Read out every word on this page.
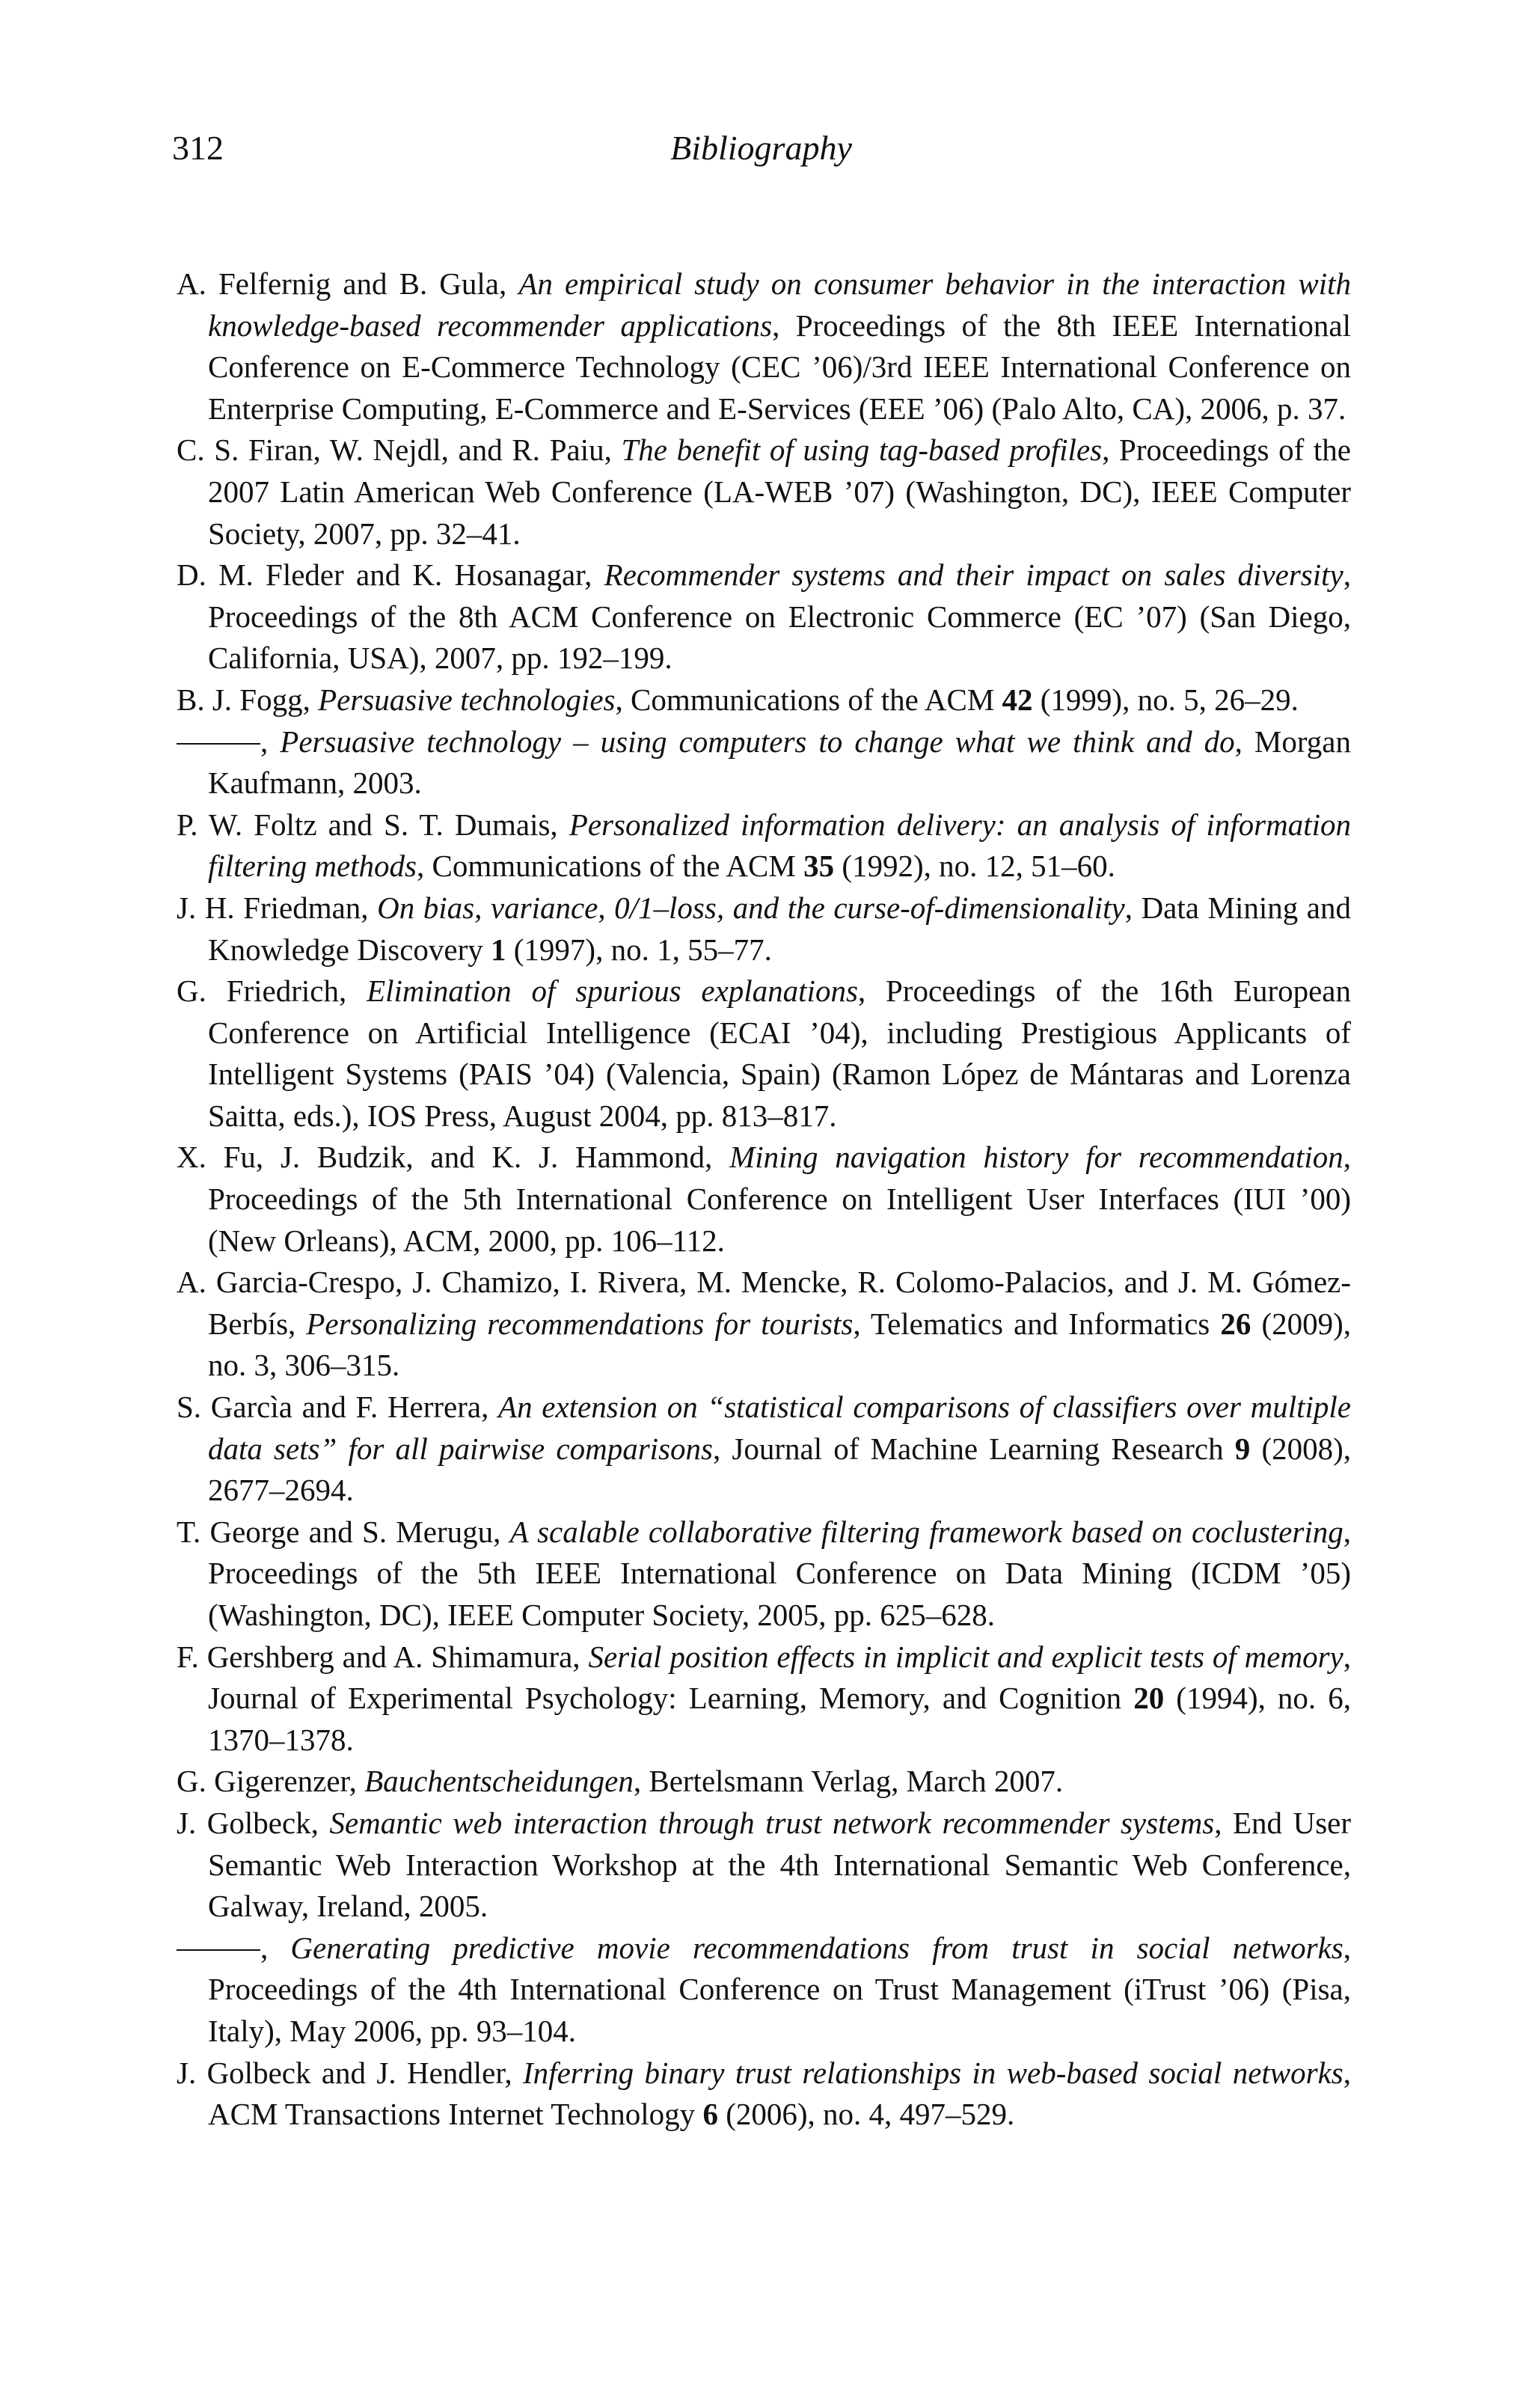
312	Bibliography

A. Felfernig and B. Gula, An empirical study on consumer behavior in the interaction with knowledge-based recommender applications, Proceedings of the 8th IEEE International Conference on E-Commerce Technology (CEC ’06)/3rd IEEE International Conference on Enterprise Computing, E-Commerce and E-Services (EEE ’06) (Palo Alto, CA), 2006, p. 37.

C. S. Firan, W. Nejdl, and R. Paiu, The benefit of using tag-based profiles, Proceedings of the 2007 Latin American Web Conference (LA-WEB ’07) (Washington, DC), IEEE Computer Society, 2007, pp. 32–41.

D. M. Fleder and K. Hosanagar, Recommender systems and their impact on sales diversity, Proceedings of the 8th ACM Conference on Electronic Commerce (EC ’07) (San Diego, California, USA), 2007, pp. 192–199.

B. J. Fogg, Persuasive technologies, Communications of the ACM 42 (1999), no. 5, 26–29.

, Persuasive technology – using computers to change what we think and do, Morgan Kaufmann, 2003.

P. W. Foltz and S. T. Dumais, Personalized information delivery: an analysis of information filtering methods, Communications of the ACM 35 (1992), no. 12, 51–60.

J. H. Friedman, On bias, variance, 0/1–loss, and the curse-of-dimensionality, Data Mining and Knowledge Discovery 1 (1997), no. 1, 55–77.

G. Friedrich, Elimination of spurious explanations, Proceedings of the 16th European Conference on Artificial Intelligence (ECAI ’04), including Prestigious Applicants of Intelligent Systems (PAIS ’04) (Valencia, Spain) (Ramon López de Mántaras and Lorenza Saitta, eds.), IOS Press, August 2004, pp. 813–817.

X. Fu, J. Budzik, and K. J. Hammond, Mining navigation history for recommendation, Proceedings of the 5th International Conference on Intelligent User Interfaces (IUI ’00) (New Orleans), ACM, 2000, pp. 106–112.

A. Garcia-Crespo, J. Chamizo, I. Rivera, M. Mencke, R. Colomo-Palacios, and J. M. Gómez-Berbís, Personalizing recommendations for tourists, Telematics and Informatics 26 (2009), no. 3, 306–315.

S. Garcìa and F. Herrera, An extension on “statistical comparisons of classifiers over multiple data sets” for all pairwise comparisons, Journal of Machine Learning Research 9 (2008), 2677–2694.

T. George and S. Merugu, A scalable collaborative filtering framework based on coclustering, Proceedings of the 5th IEEE International Conference on Data Mining (ICDM ’05) (Washington, DC), IEEE Computer Society, 2005, pp. 625–628.

F. Gershberg and A. Shimamura, Serial position effects in implicit and explicit tests of memory, Journal of Experimental Psychology: Learning, Memory, and Cognition 20 (1994), no. 6, 1370–1378.

G. Gigerenzer, Bauchentscheidungen, Bertelsmann Verlag, March 2007.

J. Golbeck, Semantic web interaction through trust network recommender systems, End User Semantic Web Interaction Workshop at the 4th International Semantic Web Conference, Galway, Ireland, 2005.

, Generating predictive movie recommendations from trust in social networks, Proceedings of the 4th International Conference on Trust Management (iTrust ’06) (Pisa, Italy), May 2006, pp. 93–104.

J. Golbeck and J. Hendler, Inferring binary trust relationships in web-based social networks, ACM Transactions Internet Technology 6 (2006), no. 4, 497–529.
